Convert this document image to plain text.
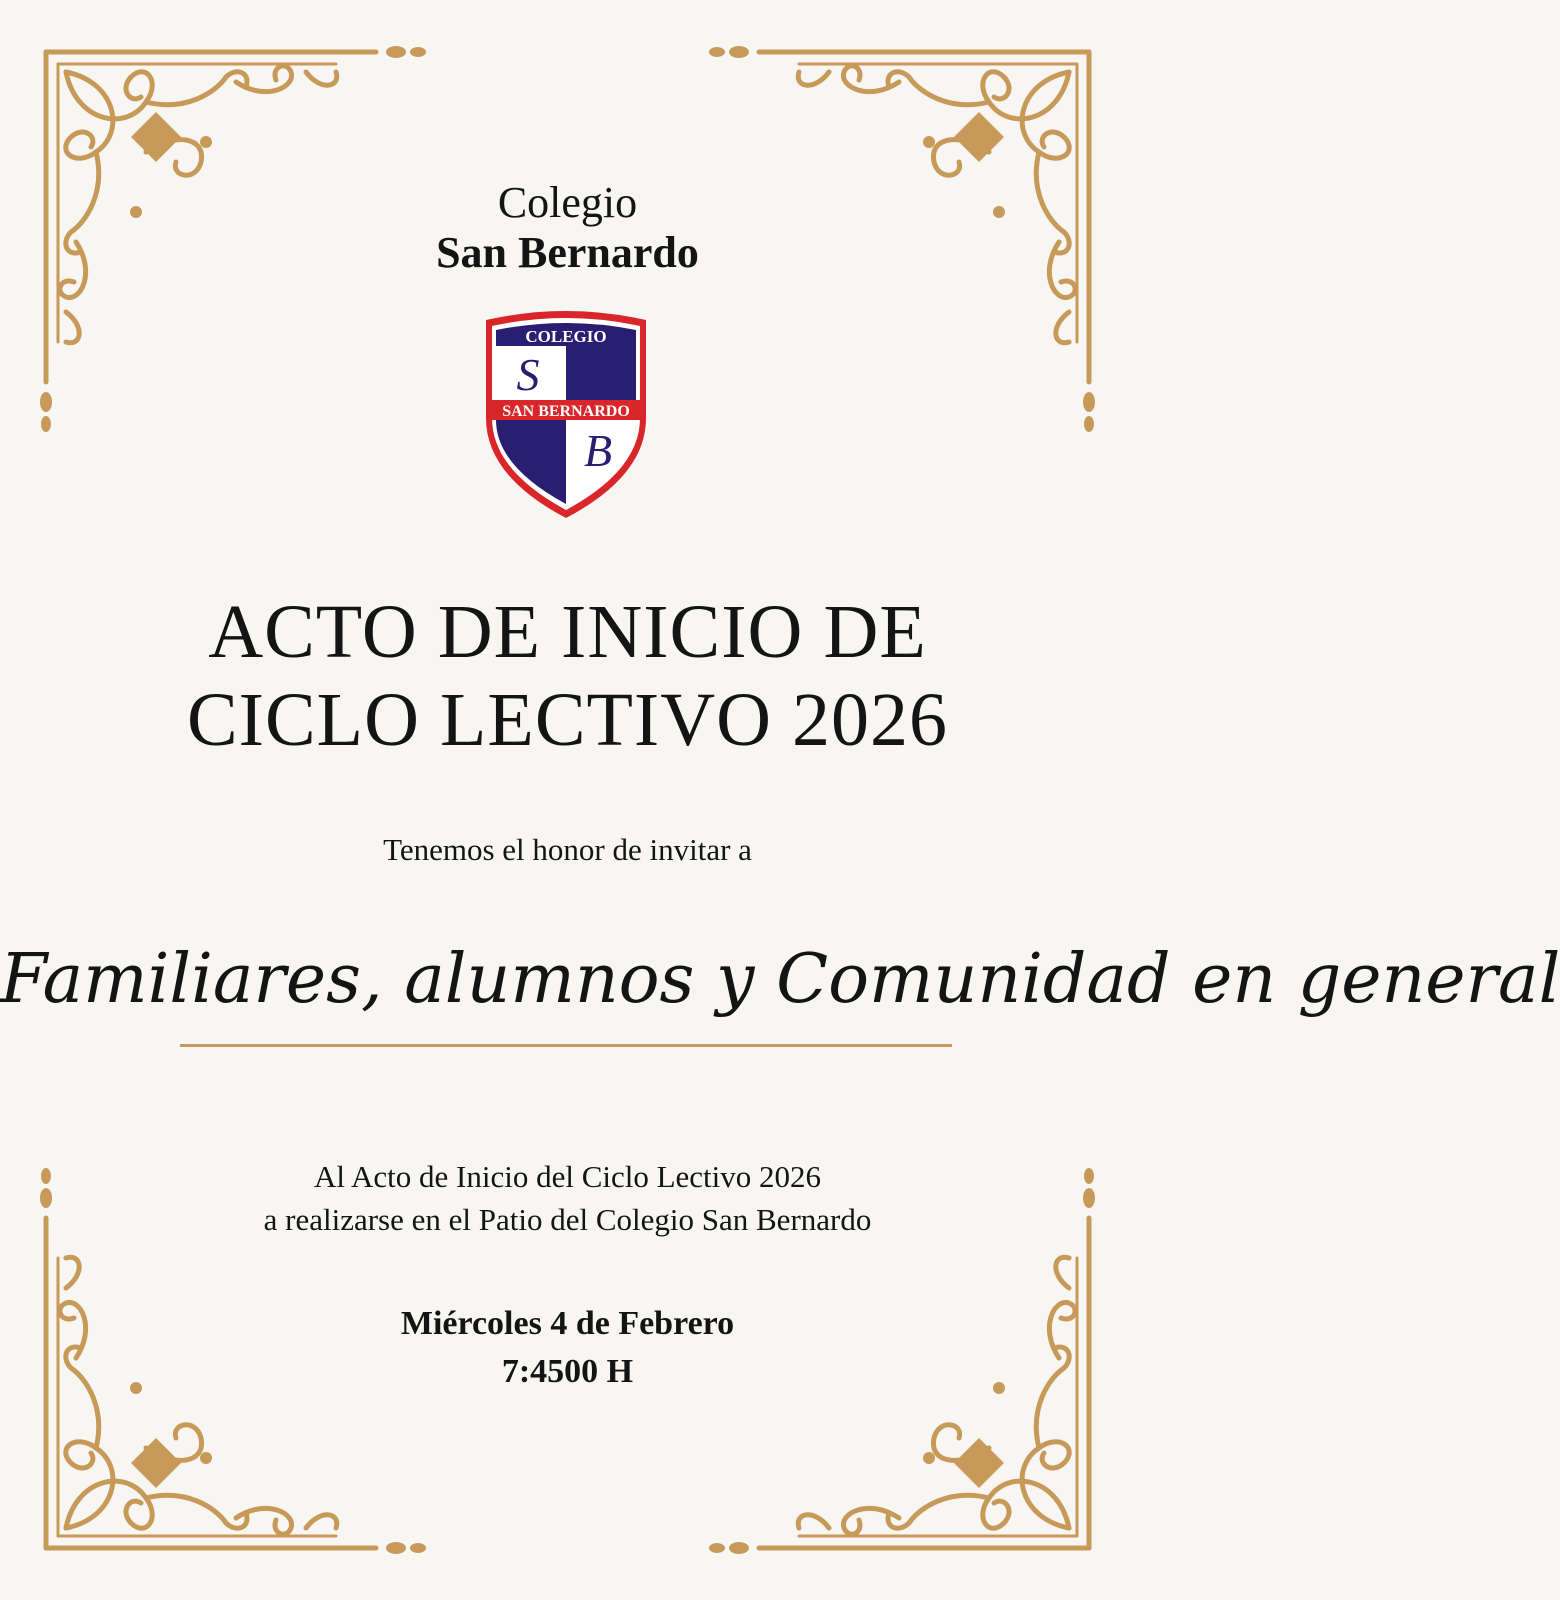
Colegio
San Bernardo
COLEGIO
S
SAN BERNARDO
B
ACTO DE INICIO DE
CICLO LECTIVO 2026
Tenemos el honor de invitar a
Familiares, alumnos y Comunidad en general
Al Acto de Inicio del Ciclo Lectivo 2026
a realizarse en el Patio del Colegio San Bernardo
Miércoles 4 de Febrero
7:4500 H
